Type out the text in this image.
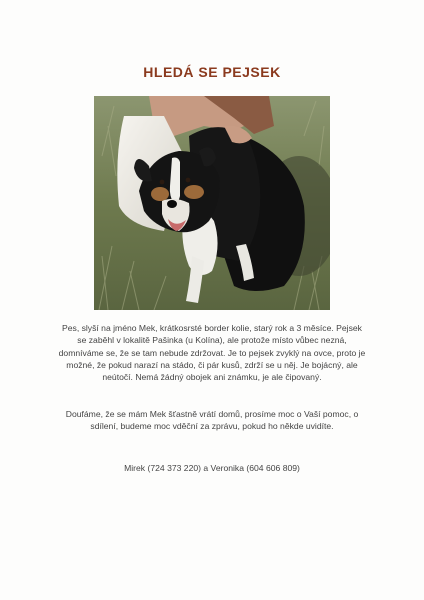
HLEDÁ SE PEJSEK
Pes, slyší na jméno Mek, krátkosrsté border kolie, starý rok a 3 měsíce. Pejsek se zaběhl v lokalitě Pašinka (u Kolína), ale protože místo vůbec nezná, domníváme se, že se tam nebude zdržovat. Je to pejsek zvyklý na ovce, proto je možné, že pokud narazí na stádo, či pár kusů, zdrží se u něj. Je bojácný, ale neútočí. Nemá žádný obojek ani známku, je ale čipovaný.
Doufáme, že se mám Mek šťastně vrátí domů, prosíme moc o Vaší pomoc, o sdílení, budeme moc vděční za zprávu, pokud ho někde uvidíte.
Mirek (724 373 220) a Veronika (604 606 809)
